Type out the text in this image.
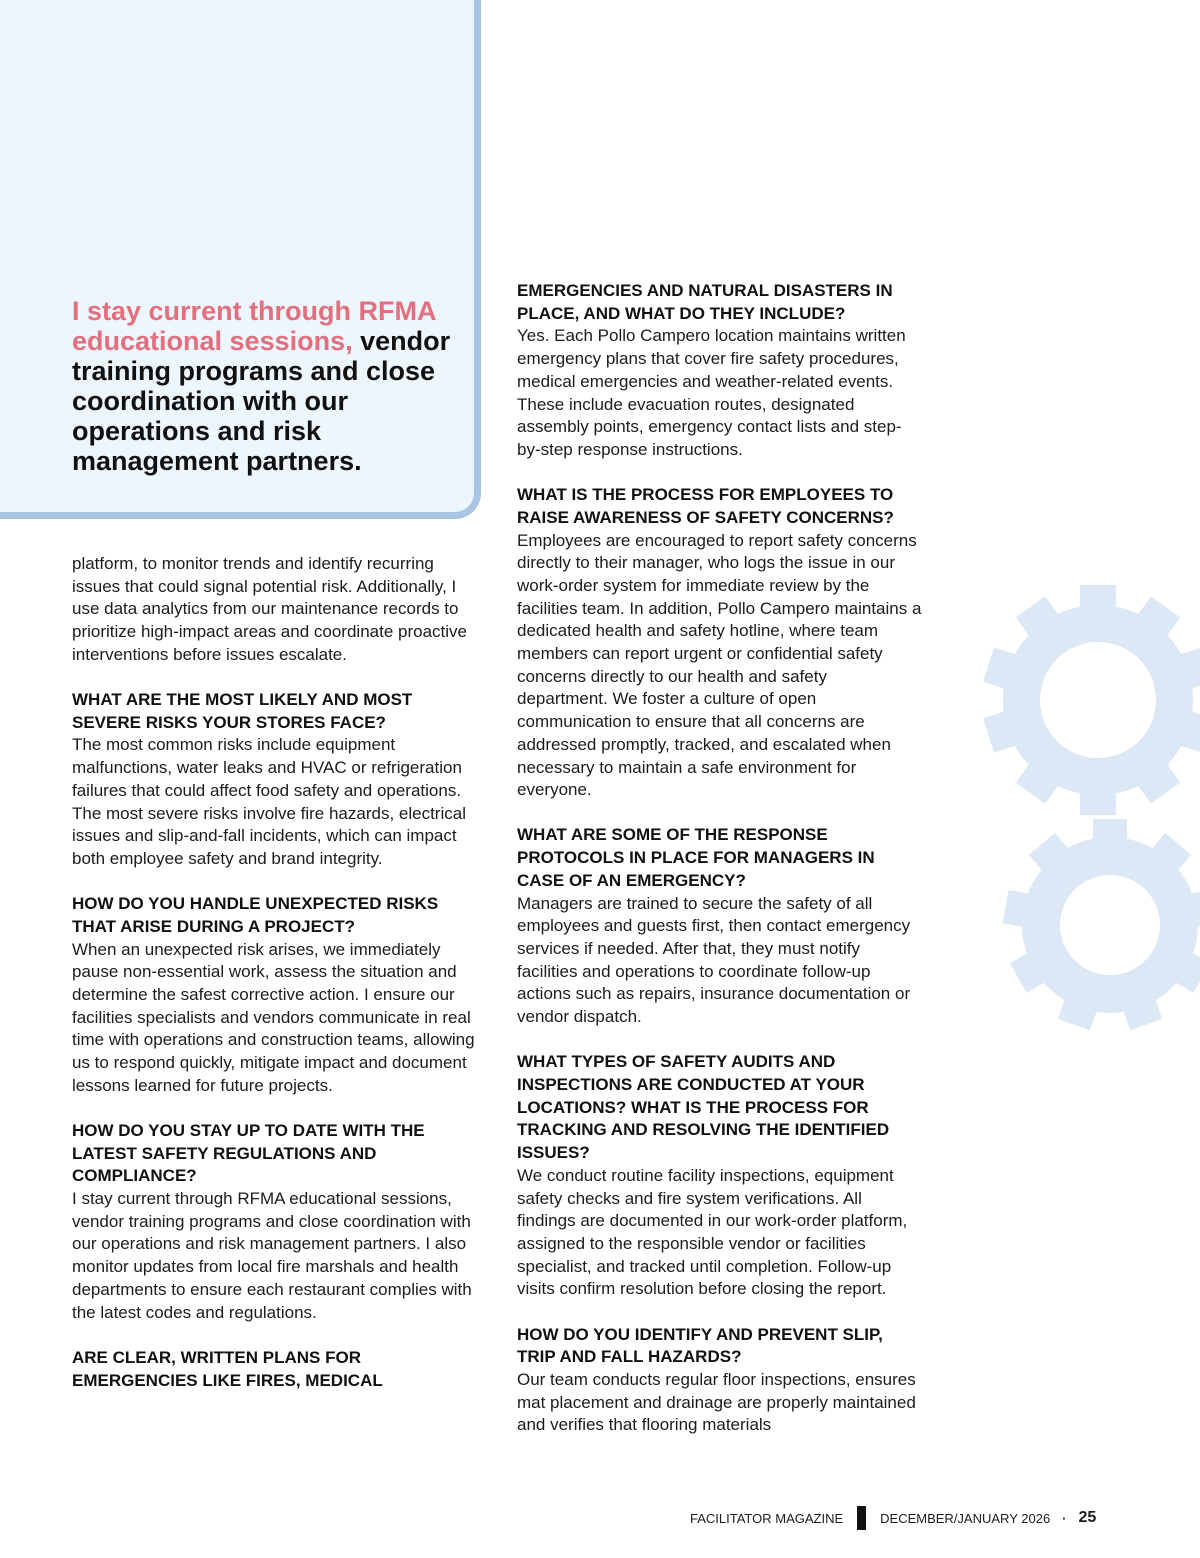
I stay current through RFMA educational sessions, vendor training programs and close coordination with our operations and risk management partners.

platform, to monitor trends and identify recurring issues that could signal potential risk. Additionally, I use data analytics from our maintenance records to prioritize high-impact areas and coordinate proactive interventions before issues escalate.

WHAT ARE THE MOST LIKELY AND MOST SEVERE RISKS YOUR STORES FACE?

The most common risks include equipment malfunctions, water leaks and HVAC or refrigeration failures that could affect food safety and operations. The most severe risks involve fire hazards, electrical issues and slip-and-fall incidents, which can impact both employee safety and brand integrity.

HOW DO YOU HANDLE UNEXPECTED RISKS THAT ARISE DURING A PROJECT?

When an unexpected risk arises, we immediately pause non-essential work, assess the situation and determine the safest corrective action. I ensure our facilities specialists and vendors communicate in real time with operations and construction teams, allowing us to respond quickly, mitigate impact and document lessons learned for future projects.

HOW DO YOU STAY UP TO DATE WITH THE LATEST SAFETY REGULATIONS AND COMPLIANCE?

I stay current through RFMA educational sessions, vendor training programs and close coordination with our operations and risk management partners. I also monitor updates from local fire marshals and health departments to ensure each restaurant complies with the latest codes and regulations.

ARE CLEAR, WRITTEN PLANS FOR EMERGENCIES LIKE FIRES, MEDICAL
EMERGENCIES AND NATURAL DISASTERS IN PLACE, AND WHAT DO THEY INCLUDE?

Yes. Each Pollo Campero location maintains written emergency plans that cover fire safety procedures, medical emergencies and weather-related events. These include evacuation routes, designated assembly points, emergency contact lists and step-by-step response instructions.

WHAT IS THE PROCESS FOR EMPLOYEES TO RAISE AWARENESS OF SAFETY CONCERNS?

Employees are encouraged to report safety concerns directly to their manager, who logs the issue in our work-order system for immediate review by the facilities team. In addition, Pollo Campero maintains a dedicated health and safety hotline, where team members can report urgent or confidential safety concerns directly to our health and safety department. We foster a culture of open communication to ensure that all concerns are addressed promptly, tracked, and escalated when necessary to maintain a safe environment for everyone.

WHAT ARE SOME OF THE RESPONSE PROTOCOLS IN PLACE FOR MANAGERS IN CASE OF AN EMERGENCY?

Managers are trained to secure the safety of all employees and guests first, then contact emergency services if needed. After that, they must notify facilities and operations to coordinate follow-up actions such as repairs, insurance documentation or vendor dispatch.

WHAT TYPES OF SAFETY AUDITS AND INSPECTIONS ARE CONDUCTED AT YOUR LOCATIONS? WHAT IS THE PROCESS FOR TRACKING AND RESOLVING THE IDENTIFIED ISSUES?

We conduct routine facility inspections, equipment safety checks and fire system verifications. All findings are documented in our work-order platform, assigned to the responsible vendor or facilities specialist, and tracked until completion. Follow-up visits confirm resolution before closing the report.

HOW DO YOU IDENTIFY AND PREVENT SLIP, TRIP AND FALL HAZARDS?

Our team conducts regular floor inspections, ensures mat placement and drainage are properly maintained and verifies that flooring materials

FACILITATOR MAGAZINE	DECEMBER/JANUARY 2026 · 25
